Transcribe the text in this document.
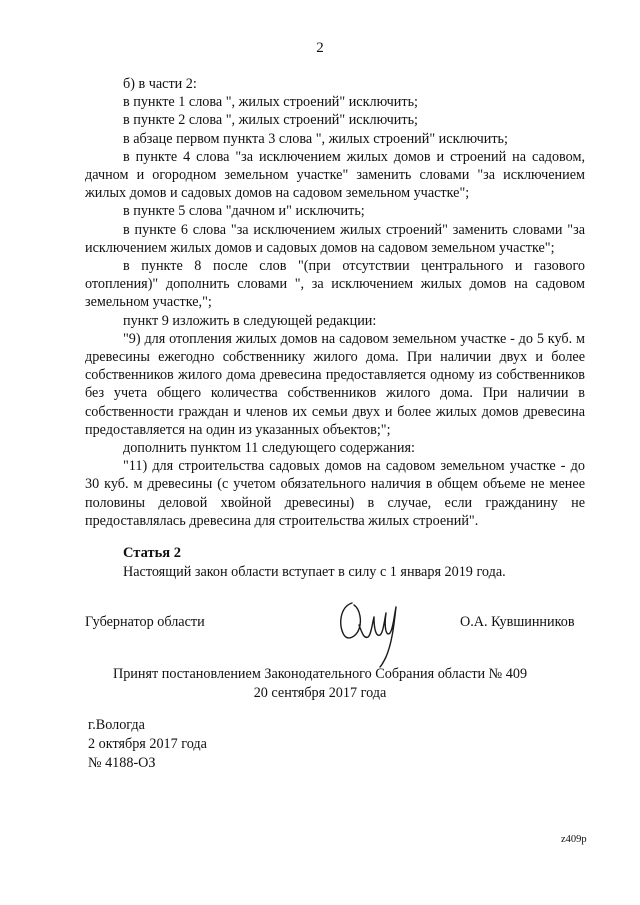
2

б) в части 2:

в пункте 1 слова ", жилых строений" исключить;

в пункте 2 слова ", жилых строений" исключить;

в абзаце первом пункта 3 слова ", жилых строений" исключить;

в пункте 4 слова "за исключением жилых домов и строений на садовом, дачном и огородном земельном участке" заменить словами "за исключением жилых домов и садовых домов на садовом земельном участке";

в пункте 5 слова "дачном и" исключить;

в пункте 6 слова "за исключением жилых строений" заменить словами "за исключением жилых домов и садовых домов на садовом земельном участке";

в пункте 8 после слов "(при отсутствии центрального и газового отопления)" дополнить словами ", за исключением жилых домов на садовом земельном участке,";

пункт 9 изложить в следующей редакции:

"9) для отопления жилых домов на садовом земельном участке - до 5 куб. м древесины ежегодно собственнику жилого дома. При наличии двух и более собственников жилого дома древесина предоставляется одному из собственников без учета общего количества собственников жилого дома. При наличии в собственности граждан и членов их семьи двух и более жилых домов древесина предоставляется на один из указанных объектов;";

дополнить пунктом 11 следующего содержания:

"11) для строительства садовых домов на садовом земельном участке - до 30 куб. м древесины (с учетом обязательного наличия в общем объеме не менее половины деловой хвойной древесины) в случае, если гражданину не предоставлялась древесина для строительства жилых строений".

Статья 2
Настоящий закон области вступает в силу с 1 января 2019 года.
Губернатор области	О.А. Кувшинников
Принят постановлением Законодательного Собрания области № 409
20 сентября 2017 года
г.Вологда
2 октября 2017 года
№ 4188-ОЗ
z409р
